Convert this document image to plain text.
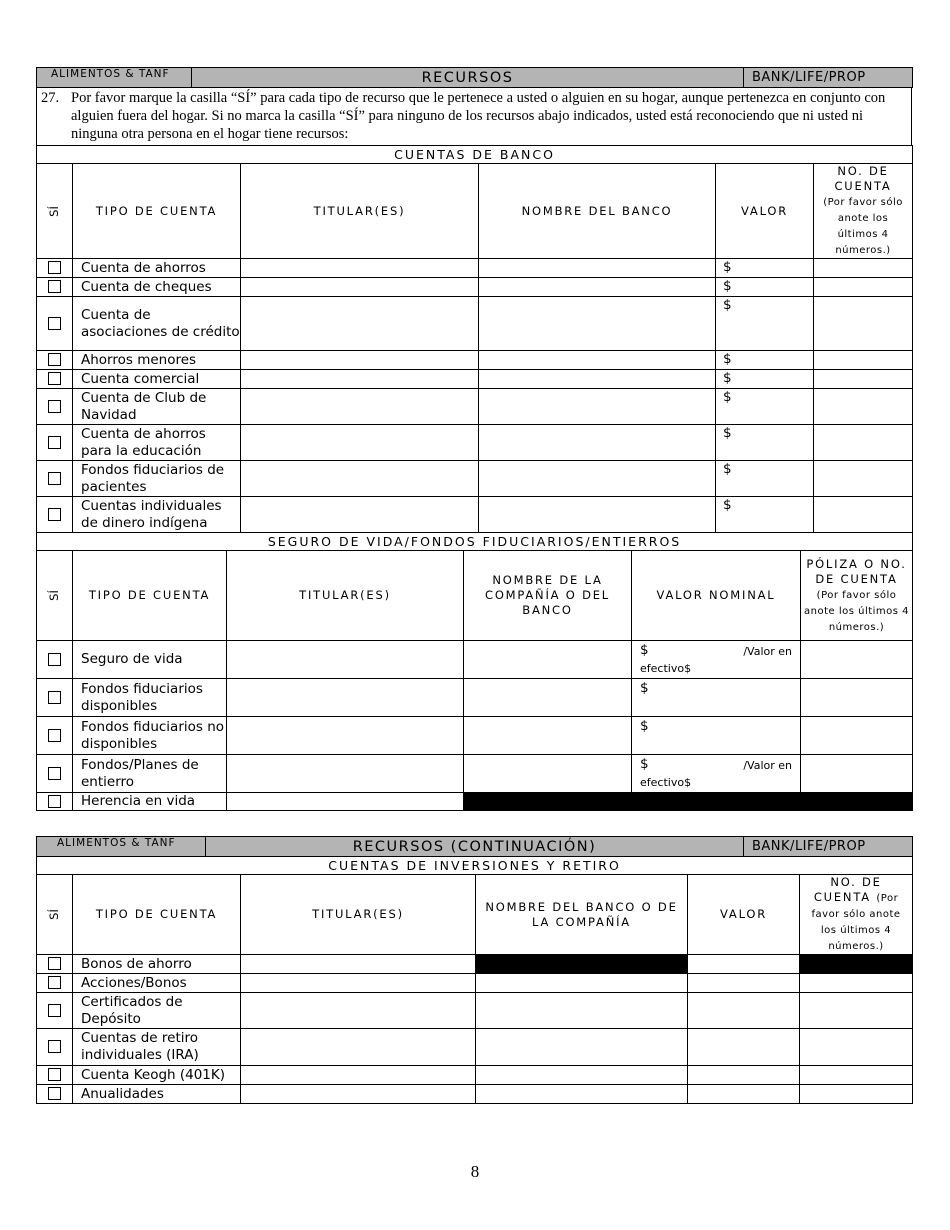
ALIMENTOS & TANF	RECURSOS	BANK/LIFE/PROP
27. Por favor marque la casilla “SÍ” para cada tipo de recurso que le pertenece a usted o alguien en su hogar, aunque pertenezca en conjunto con alguien fuera del hogar. Si no marca la casilla “SÍ” para ninguno de los recursos abajo indicados, usted está reconociendo que ni usted ni ninguna otra persona en el hogar tiene recursos:
CUENTAS DE BANCO					
SÍ	TIPO DE CUENTA	TITULAR(ES)	NOMBRE DEL BANCO	VALOR	NO. DE CUENTA
(Por favor sólo anote los últimos 4 números.)
	Cuenta de ahorros			$	
	Cuenta de cheques			$	
	Cuenta de asociaciones de crédito			$	
	Ahorros menores			$	
	Cuenta comercial			$	
	Cuenta de Club de Navidad			$	
	Cuenta de ahorros para la educación			$	
	Fondos fiduciarios de pacientes			$	
	Cuentas individuales de dinero indígena			$	
SEGURO DE VIDA/FONDOS FIDUCIARIOS/ENTIERROS					
SÍ	TIPO DE CUENTA	TITULAR(ES)	NOMBRE DE LA COMPAÑÍA O DEL BANCO	VALOR NOMINAL	PÓLIZA O NO. DE CUENTA (Por favor sólo anote los últimos 4 números.)
	Seguro de vida			$ /Valor en
efectivo$	

	Fondos fiduciarios disponibles			$	

	Fondos fiduciarios no disponibles			$	

	Fondos/Planes de entierro			$ /Valor en
efectivo$	

	Herencia en vida				
ALIMENTOS & TANF	RECURSOS (CONTINUACIÓN)	BANK/LIFE/PROP
CUENTAS DE INVERSIONES Y RETIRO					
SÍ	TIPO DE CUENTA	TITULAR(ES)	NOMBRE DEL BANCO O DE LA COMPAÑÍA	VALOR	NO. DE CUENTA (Por favor sólo anote los últimos 4 números.)
	Bonos de ahorro				
	Acciones/Bonos				
	Certificados de Depósito				
	Cuentas de retiro individuales (IRA)				
	Cuenta Keogh (401K)				
	Anualidades				
8
